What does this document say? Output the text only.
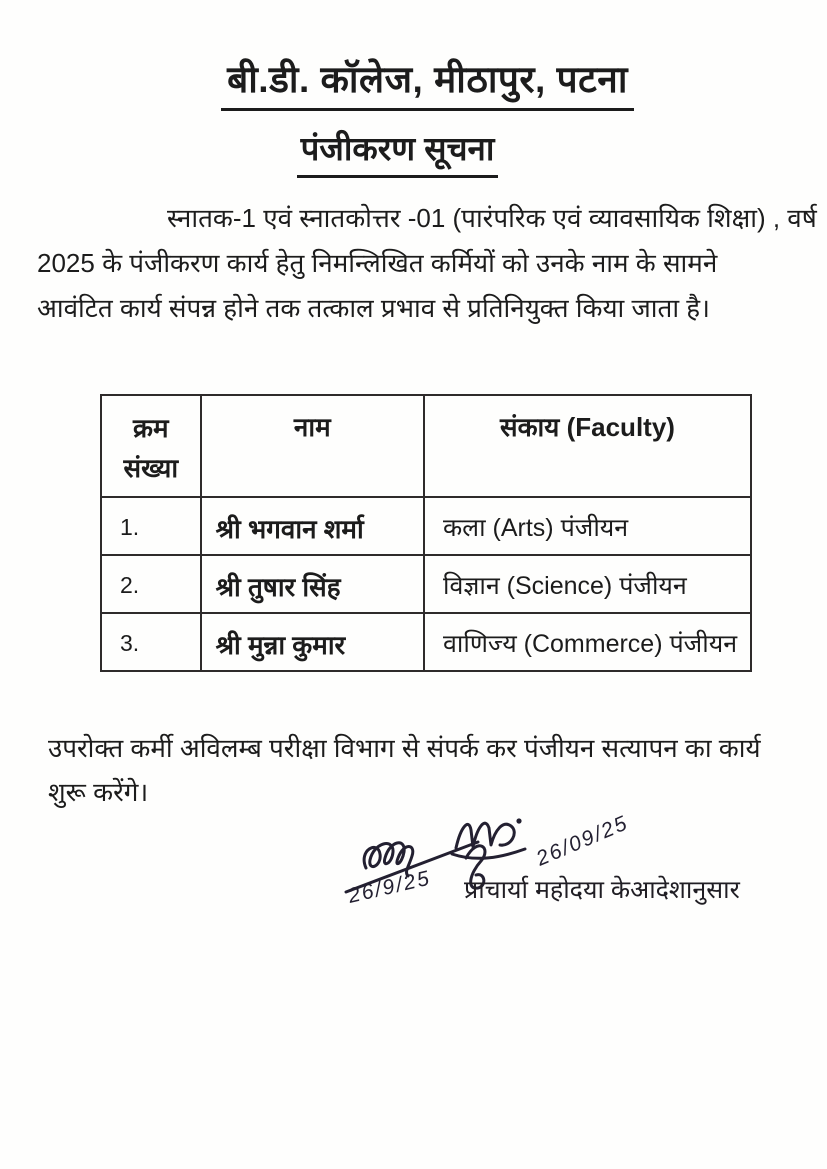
बी.डी. कॉलेज, मीठापुर, पटना
पंजीकरण सूचना
स्नातक-1 एवं स्नातकोत्तर -01 (पारंपरिक एवं व्यावसायिक शिक्षा) , वर्ष
2025 के पंजीकरण कार्य हेतु निमन्लिखित कर्मियों को उनके नाम के सामने
आवंटित कार्य संपन्न होने तक तत्काल प्रभाव से प्रतिनियुक्त किया जाता है।
क्रम संख्या	नाम	संकाय (Faculty)
1.	श्री भगवान शर्मा	कला (Arts) पंजीयन
2.	श्री तुषार सिंह	विज्ञान (Science) पंजीयन
3.	श्री मुन्ना कुमार	वाणिज्य (Commerce) पंजीयन
उपरोक्त कर्मी अविलम्ब परीक्षा विभाग से संपर्क कर पंजीयन सत्यापन का कार्य
शुरू करेंगे।
26/9/25
26/09/25
प्राचार्या महोदया केआदेशानुसार
